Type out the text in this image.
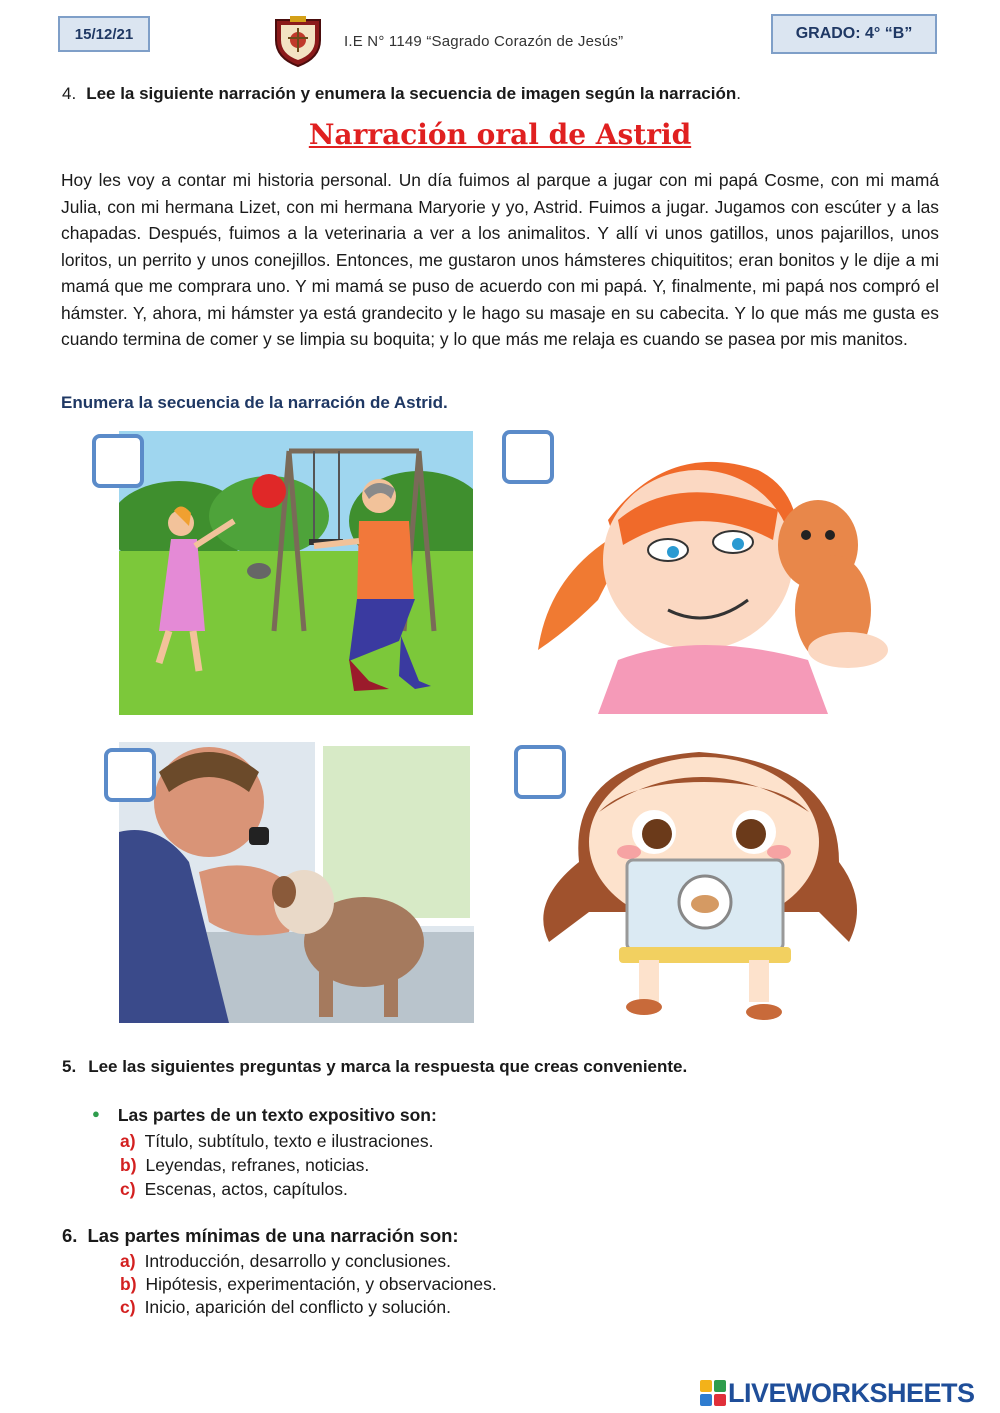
15/12/21	I.E N° 1149 “Sagrado Corazón de Jesús”	GRADO: 4° “B”
4. Lee la siguiente narración y enumera la secuencia de imagen según la narración.
Narración oral de Astrid

Hoy les voy a contar mi historia personal. Un día fuimos al parque a jugar con mi papá Cosme, con mi mamá Julia, con mi hermana Lizet, con mi hermana Maryorie y yo, Astrid. Fuimos a jugar. Jugamos con escúter y a las chapadas. Después, fuimos a la veterinaria a ver a los animalitos. Y allí vi unos gatillos, unos pajarillos, unos loritos, un perrito y unos conejillos. Entonces, me gustaron unos hámsteres chiquititos; eran bonitos y le dije a mi mamá que me comprara uno. Y mi mamá se puso de acuerdo con mi papá. Y, finalmente, mi papá nos compró el hámster. Y, ahora, mi hámster ya está grandecito y le hago su masaje en su cabecita. Y lo que más me gusta es cuando termina de comer y se limpia su boquita; y lo que más me relaja es cuando se pasea por mis manitos.

Enumera la secuencia de la narración de Astrid.
5. Lee las siguientes preguntas y marca la respuesta que creas conveniente.
● Las partes de un texto expositivo son:
a) Título, subtítulo, texto e ilustraciones.
b) Leyendas, refranes, noticias.
c) Escenas, actos, capítulos.
6. Las partes mínimas de una narración son:
a) Introducción, desarrollo y conclusiones.
b) Hipótesis, experimentación, y observaciones.
c) Inicio, aparición del conflicto y solución.
LIVEWORKSHEETS
